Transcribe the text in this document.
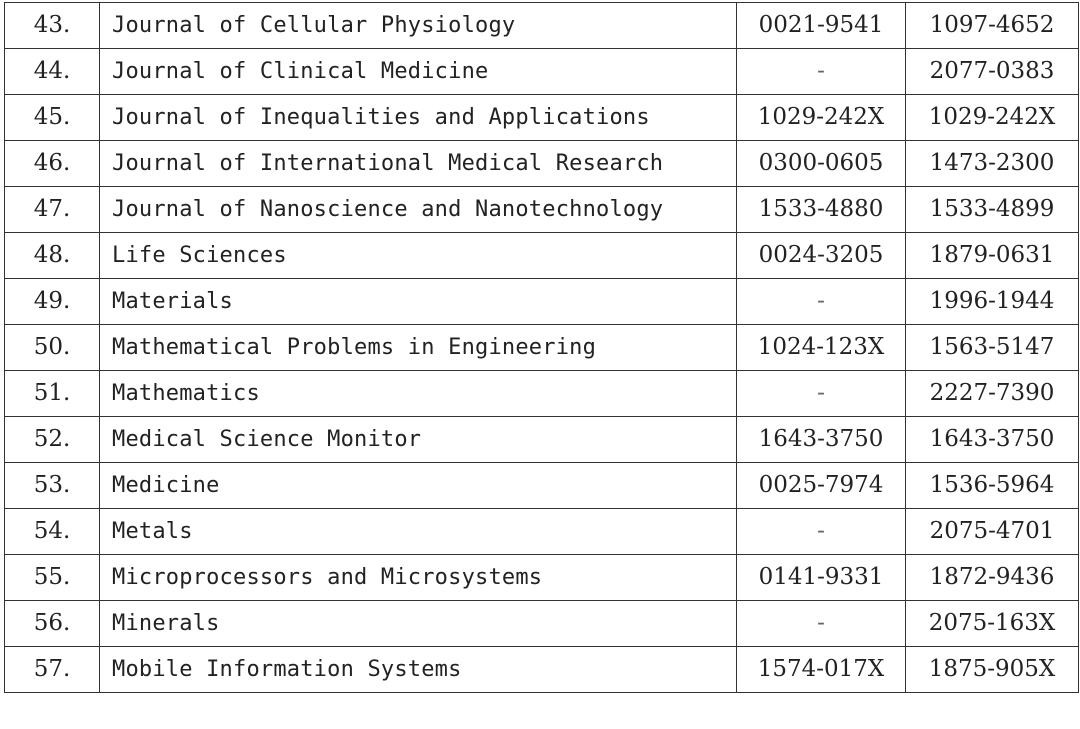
43.	Journal of Cellular Physiology	0021-9541	1097-4652
44.	Journal of Clinical Medicine	-	2077-0383
45.	Journal of Inequalities and Applications	1029-242X	1029-242X
46.	Journal of International Medical Research	0300-0605	1473-2300
47.	Journal of Nanoscience and Nanotechnology	1533-4880	1533-4899
48.	Life Sciences	0024-3205	1879-0631
49.	Materials	-	1996-1944
50.	Mathematical Problems in Engineering	1024-123X	1563-5147
51.	Mathematics	-	2227-7390
52.	Medical Science Monitor	1643-3750	1643-3750
53.	Medicine	0025-7974	1536-5964
54.	Metals	-	2075-4701
55.	Microprocessors and Microsystems	0141-9331	1872-9436
56.	Minerals	-	2075-163X
57.	Mobile Information Systems	1574-017X	1875-905X
